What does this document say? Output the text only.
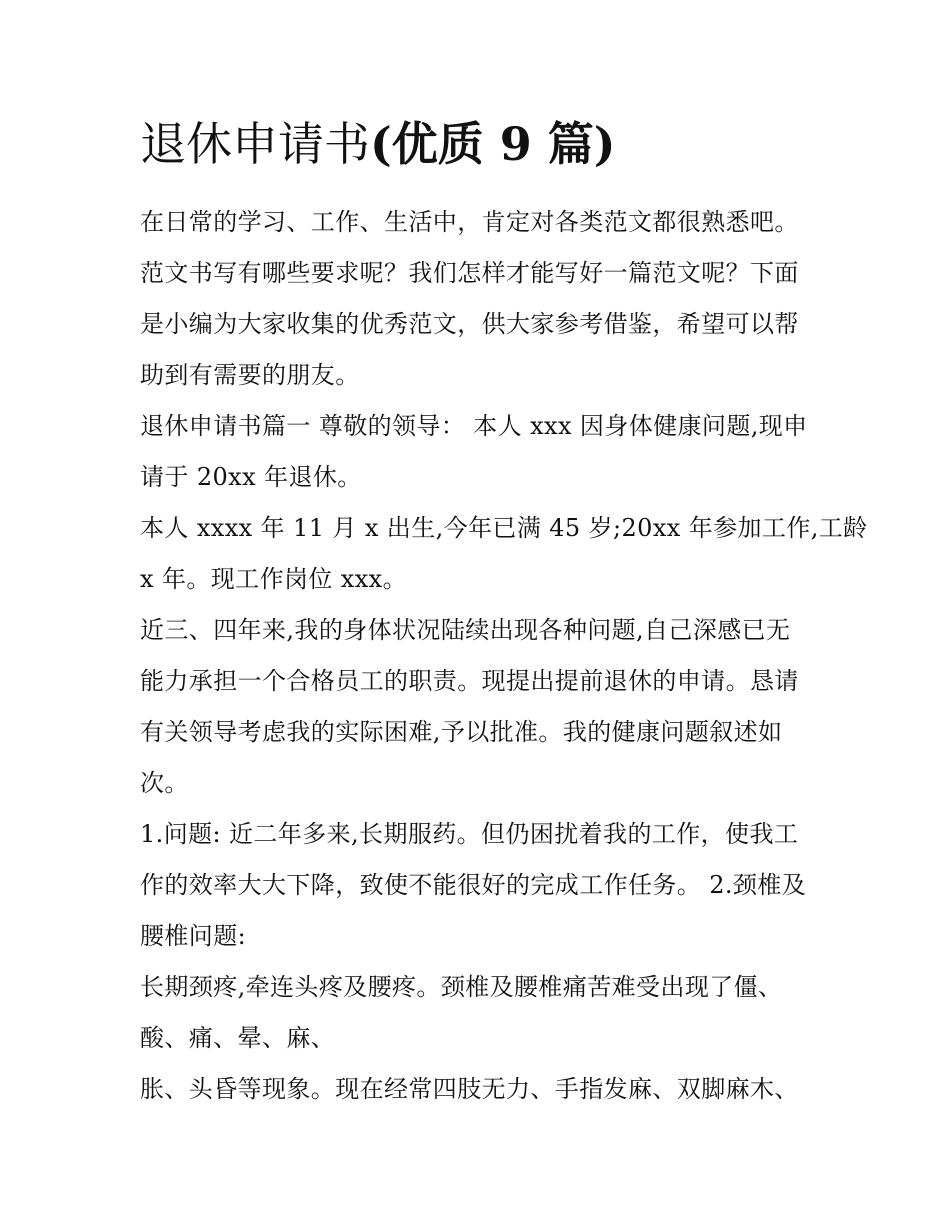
退休申请书(优质 9 篇)

在日常的学习、工作、生活中，肯定对各类范文都很熟悉吧。

范文书写有哪些要求呢？我们怎样才能写好一篇范文呢？下面

是小编为大家收集的优秀范文，供大家参考借鉴，希望可以帮

助到有需要的朋友。

退休申请书篇一 尊敬的领导： 本人 xxx 因身体健康问题,现申

请于 20xx 年退休。

本人 xxxx 年 11 月 x 出生,今年已满 45 岁;20xx 年参加工作,工龄

x 年。现工作岗位 xxx。

近三、四年来,我的身体状况陆续出现各种问题,自己深感已无

能力承担一个合格员工的职责。现提出提前退休的申请。恳请

有关领导考虑我的实际困难,予以批准。我的健康问题叙述如

次。

1.问题: 近二年多来,长期服药。但仍困扰着我的工作，使我工

作的效率大大下降，致使不能很好的完成工作任务。 2.颈椎及

腰椎问题:

长期颈疼,牵连头疼及腰疼。颈椎及腰椎痛苦难受出现了僵、

酸、痛、晕、麻、

胀、头昏等现象。现在经常四肢无力、手指发麻、双脚麻木、
